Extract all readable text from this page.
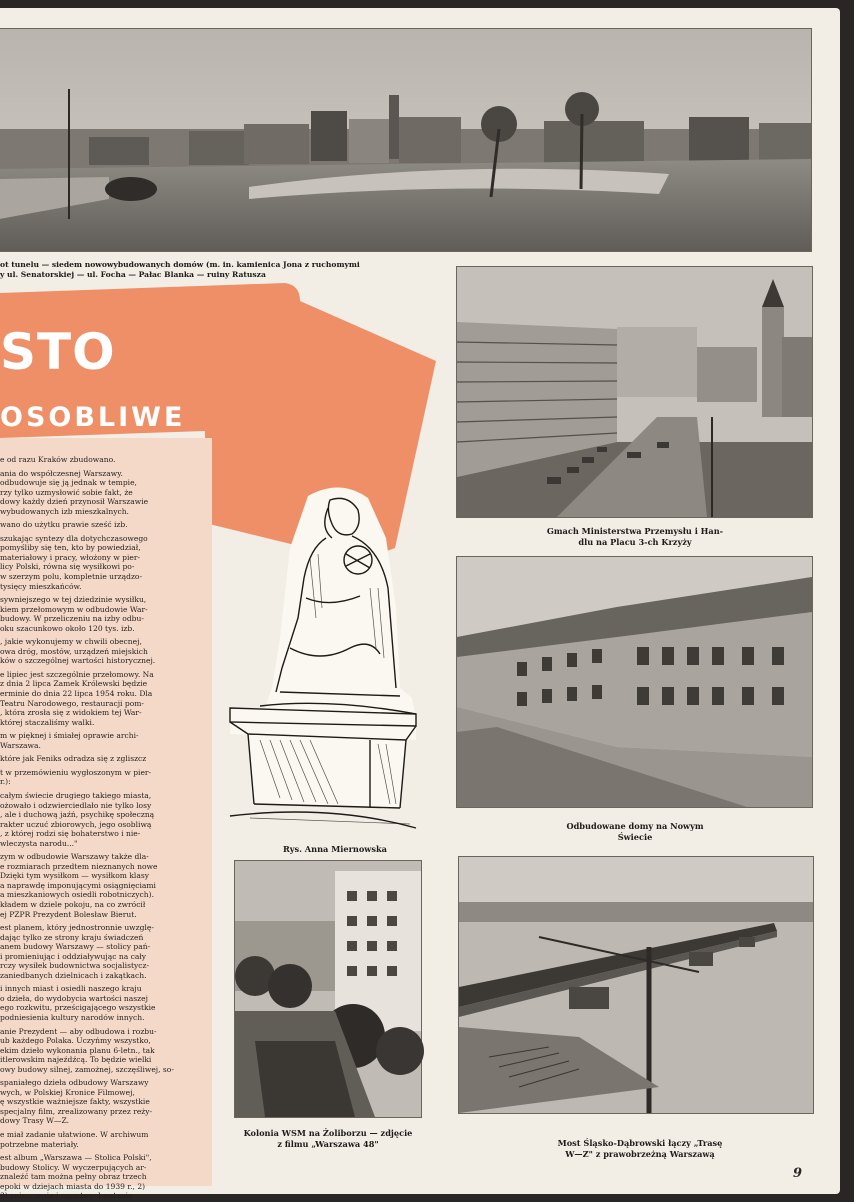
ot tunelu — siedem nowowybudowanych domów (m. in. kamienica Jona z ruchomymi
y ul. Senatorskiej — ul. Focha — Pałac Blanka — ruiny Ratusza
STO
OSOBLIWE

e od razu Kraków zbudowano.

ania do współczesnej Warszawy.
odbudowuje się ją jednak w tempie,
rzy tylko uzmysłowić sobie fakt, że
dowy każdy dzień przynosił Warszawie
wybudowanych izb mieszkalnych.

wano do użytku prawie sześć izb.

szukając syntezy dla dotychczasowego
pomyśliby się ten, kto by powiedział,
materiałowy i pracy, włożony w pier-
licy Polski, równa się wysiłkowi po-
w szerzym polu, kompletnie urządzo-
tysięcy mieszkańców.

sywniejszego w tej dziedzinie wysiłku,
kiem przełomowym w odbudowie War-
budowy. W przeliczeniu na izby odbu-
oku szacunkowo około 120 tys. izb.

, jakie wykonujemy w chwili obecnej,
owa dróg, mostów, urządzeń miejskich
ków o szczególnej wartości historycznej.

e lipiec jest szczególnie przełomowy. Na
z dnia 2 lipca Zamek Królewski będzie
erminie do dnia 22 lipca 1954 roku. Dla
Teatru Narodowego, restauracji pom-
, która zrosła się z widokiem tej War-
której staczaliśmy walki.

m w pięknej i śmiałej oprawie archi-
Warszawa.

które jak Feniks odradza się z zgliszcz

t w przemówieniu wygłoszonym w pier-
r.):

całym świecie drugiego takiego miasta,
ożowało i odzwierciedlało nie tylko losy
, ale i duchową jaźń, psychikę społeczną
rakter uczuć zbiorowych, jego osobliwą
, z której rodzi się bohaterstwo i nie-
wleczysta narodu..."

zym w odbudowie Warszawy także dla-
e rozmiarach przedtem nieznanych nowe
Dzięki tym wysiłkom — wysiłkom klasy
a naprawdę imponującymi osiągnięciami
a mieszkaniowych osiedli robotniczych).
kładem w dziele pokoju, na co zwrócił
ej PZPR Prezydent Bolesław Bierut.

est planem, który jednostronnie uwzglę-
dając tylko ze strony kraju świadczeń
anem budowy Warszawy — stolicy pań-
i promieniując i oddziaływując na cały
rczy wysiłek budownictwa socjalistycz-
zaniedbanych dzielnicach i zakątkach.

i innych miast i osiedli naszego kraju
o dzieła, do wydobycia wartości naszej
ego rozkwitu, prześcigającego wszystkie
podniesienia kultury narodów innych.

anie Prezydent — aby odbudowa i rozbu-
ub każdego Polaka. Uczyńmy wszystko,
ekim dzieło wykonania planu 6-letn., tak
itlerowskim najeźdźcą. To będzie wielki
owy budowy silnej, zamożnej, szczęśliwej, so-

spaniałego dzieła odbudowy Warszawy
wych, w Polskiej Kronice Filmowej,
ę wszystkie ważniejsze fakty, wszystkie
specjalny film, zrealizowany przez reży-
dowy Trasy W—Z.

e miał zadanie ułatwione. W archiwum
potrzebne materiały.

est album „Warszawa — Stolica Polski",
budowy Stolicy. W wyczerpujących ar-
znaleźć tam można pełny obraz trzech
epoki w dziejach miasta do 1939 r., 2)
3) zniszczenie i zmartwychwstanie.

Rys. Anna Miernowska
Gmach Ministerstwa Przemysłu i Han-
dlu na Placu 3-ch Krzyży
Odbudowane domy na Nowym
Świecie
Kolonia WSM na Żoliborzu — zdjęcie
z filmu „Warszawa 48"	Most Śląsko-Dąbrowski łączy „Trasę
W—Z" z prawobrzeżną Warszawą
9
